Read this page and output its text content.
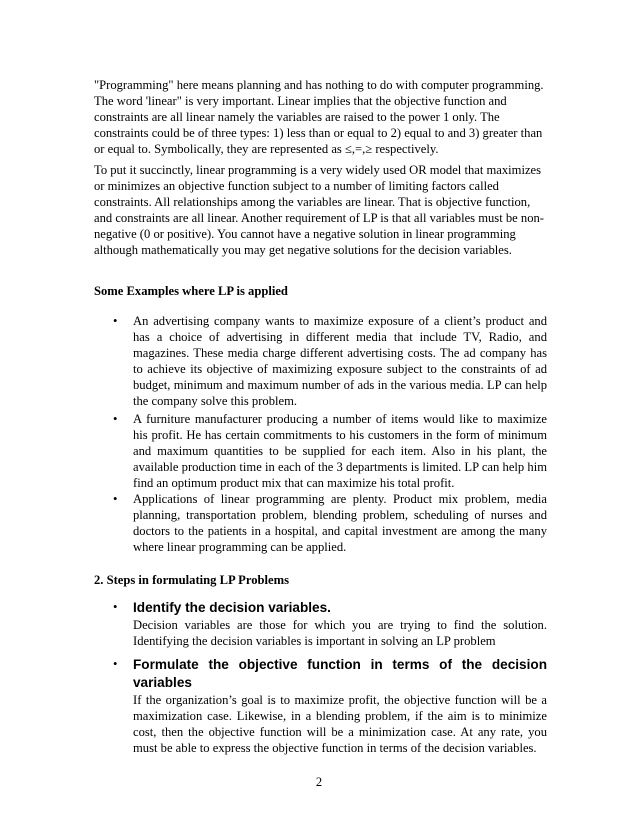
"Programming" here means planning and has nothing to do with computer programming. The word 'linear" is very important. Linear implies that the objective function and constraints are all linear namely the variables are raised to the power 1 only. The constraints could be of three types: 1) less than or equal to 2) equal to and 3) greater than or equal to. Symbolically, they are represented as ≤,=,≥ respectively.

To put it succinctly, linear programming is a very widely used OR model that maximizes or minimizes an objective function subject to a number of limiting factors called constraints. All relationships among the variables are linear. That is objective function, and constraints are all linear. Another requirement of LP is that all variables must be non-negative (0 or positive). You cannot have a negative solution in linear programming although mathematically you may get negative solutions for the decision variables.

Some Examples where LP is applied
•	An advertising company wants to maximize exposure of a client’s product and has a choice of advertising in different media that include TV, Radio, and magazines. These media charge different advertising costs. The ad company has to achieve its objective of maximizing exposure subject to the constraints of ad budget, minimum and maximum number of ads in the various media. LP can help the company solve this problem.
•	A furniture manufacturer producing a number of items would like to maximize his profit. He has certain commitments to his customers in the form of minimum and maximum quantities to be supplied for each item. Also in his plant, the available production time in each of the 3 departments is limited. LP can help him find an optimum product mix that can maximize his total profit.
•	Applications of linear programming are plenty. Product mix problem, media planning, transportation problem, blending problem, scheduling of nurses and doctors to the patients in a hospital, and capital investment are among the many where linear programming can be applied.
2. Steps in formulating LP Problems
•	Identify the decision variables.
Decision variables are those for which you are trying to find the solution. Identifying the decision variables is important in solving an LP problem
•	Formulate the objective function in terms of the decision variables
If the organization’s goal is to maximize profit, the objective function will be a maximization case. Likewise, in a blending problem, if the aim is to minimize cost, then the objective function will be a minimization case. At any rate, you must be able to express the objective function in terms of the decision variables.
2
